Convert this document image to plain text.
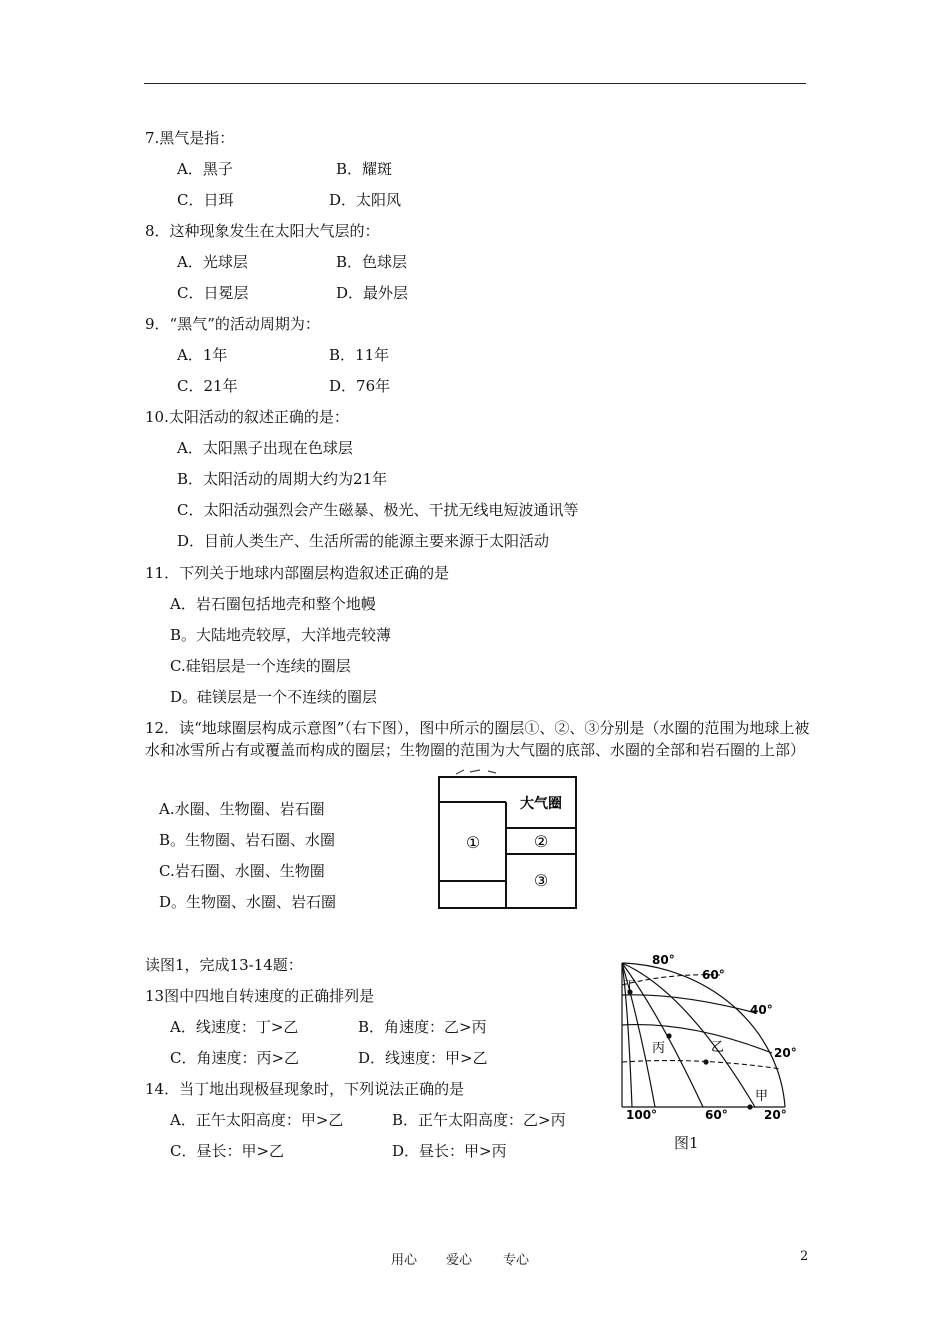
7.黑气是指：
A．黑子	B．耀斑
C．日珥	D．太阳风
8．这种现象发生在太阳大气层的：
A．光球层	B．色球层
C．日冕层	D．最外层
9．“黑气”的活动周期为：
A．1年	B．11年
C．21年	D．76年
10.太阳活动的叙述正确的是：
A．太阳黑子出现在色球层
B．太阳活动的周期大约为21年
C．太阳活动强烈会产生磁暴、极光、干扰无线电短波通讯等
D．目前人类生产、生活所需的能源主要来源于太阳活动
11．下列关于地球内部圈层构造叙述正确的是
A．岩石圈包括地壳和整个地幔
B。大陆地壳较厚，大洋地壳较薄
C.硅铝层是一个连续的圈层
D。硅镁层是一个不连续的圈层
12．读“地球圈层构成示意图”（右下图），图中所示的圈层①、②、③分别是（水圈的范围为地球上被水和冰雪所占有或覆盖而构成的圈层；生物圈的范围为大气圈的底部、水圈的全部和岩石圈的上部）
A.水圈、生物圈、岩石圈
B。生物圈、岩石圈、水圈
C.岩石圈、水圈、生物圈
D。生物圈、水圈、岩石圈
大气圈
①	②
③
读图1，完成13-14题：
13图中四地自转速度的正确排列是
A．线速度：丁>乙	B．角速度：乙>丙
C．角速度：丙>乙	D．线速度：甲>乙
14．当丁地出现极昼现象时，下列说法正确的是
A．正午太阳高度：甲>乙	B．正午太阳高度：乙>丙
C．昼长：甲>乙	D．昼长：甲>丙
80°
60°
40°
20°
100°	60°	20°
丁
丙	乙
甲
图1
用心 爱心 专心	2
